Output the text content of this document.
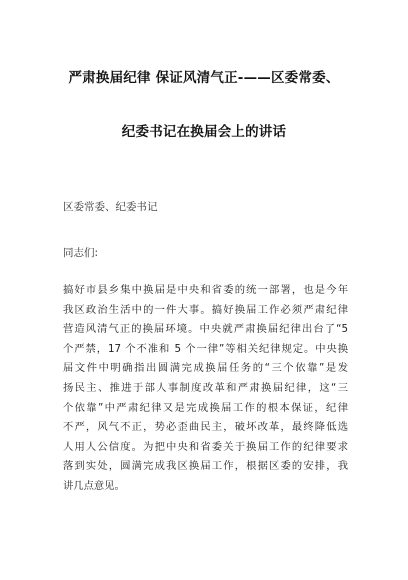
严肃换届纪律 保证风清气正-——区委常委、
纪委书记在换届会上的讲话
区委常委、纪委书记
同志们:
搞好市县乡集中换届是中央和省委的统一部署，也是今年
我区政治生活中的一件大事。搞好换届工作必须严肃纪律
营造风清气正的换届环境。中央就严肃换届纪律出台了“5
个严禁，17 个不准和 5 个一律”等相关纪律规定。中央换
届文件中明确指出圆满完成换届任务的“三个依靠”是发
扬民主、推进于部人事制度改革和严肃换届纪律，这“三
个依靠”中严肃纪律又是完成换届工作的根本保证，纪律
不严，风气不正，势必歪曲民主，破坏改革，最终降低选
人用人公信度。为把中央和省委关于换届工作的纪律要求
落到实处，圆满完成我区换届工作，根据区委的安排，我
讲几点意见。
